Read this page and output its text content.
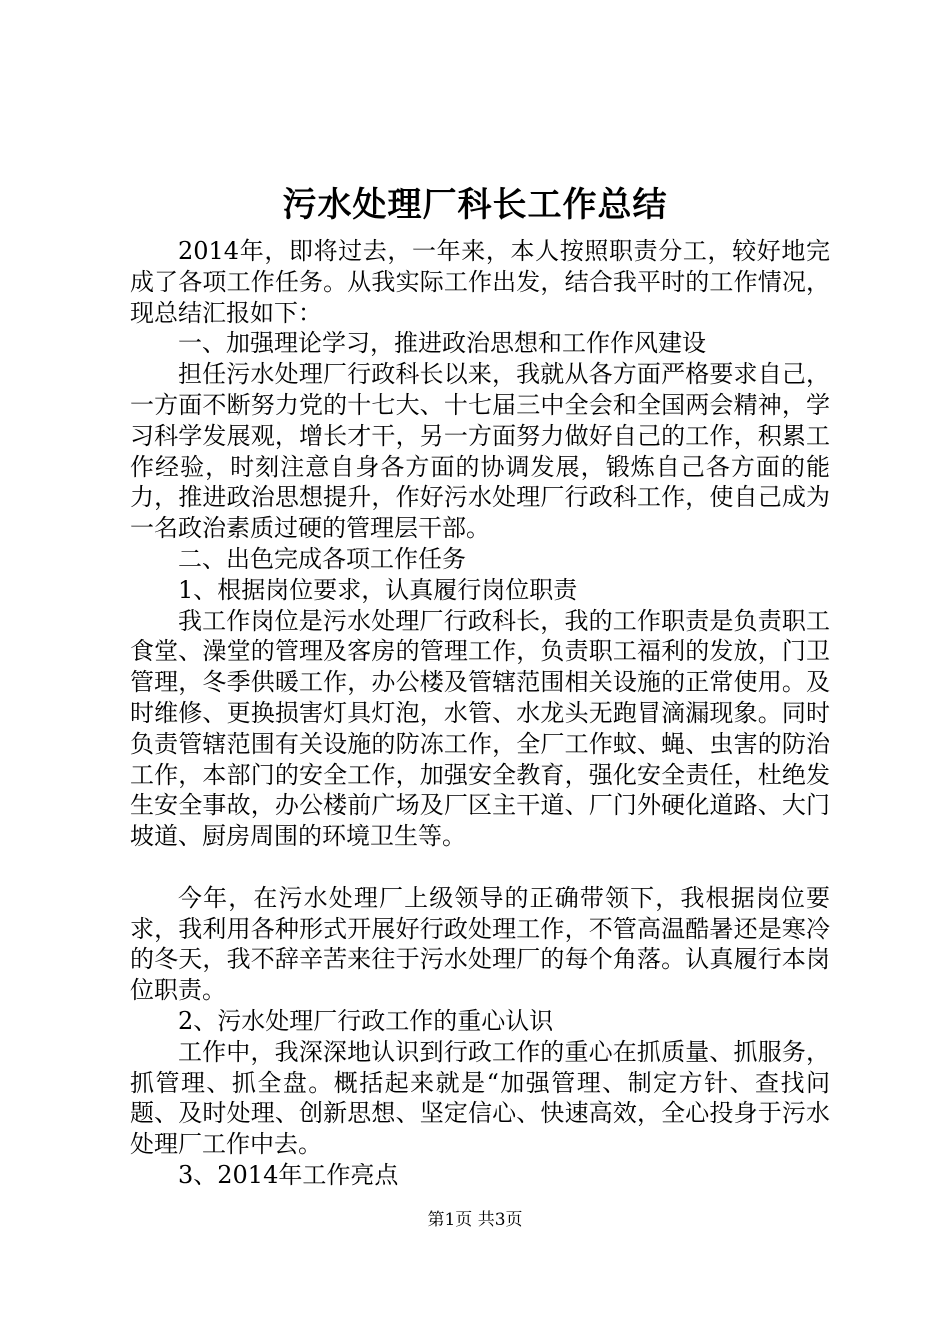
污水处理厂科长工作总结

2014年，即将过去，一年来，本人按照职责分工，较好地完成了各项工作任务。从我实际工作出发，结合我平时的工作情况，现总结汇报如下：

一、加强理论学习，推进政治思想和工作作风建设

担任污水处理厂行政科长以来，我就从各方面严格要求自己，一方面不断努力党的十七大、十七届三中全会和全国两会精神，学习科学发展观，增长才干，另一方面努力做好自己的工作，积累工作经验，时刻注意自身各方面的协调发展，锻炼自己各方面的能力，推进政治思想提升，作好污水处理厂行政科工作，使自己成为一名政治素质过硬的管理层干部。

二、出色完成各项工作任务

1、根据岗位要求，认真履行岗位职责

我工作岗位是污水处理厂行政科长，我的工作职责是负责职工食堂、澡堂的管理及客房的管理工作，负责职工福利的发放，门卫管理，冬季供暖工作，办公楼及管辖范围相关设施的正常使用。及时维修、更换损害灯具灯泡，水管、水龙头无跑冒滴漏现象。同时负责管辖范围有关设施的防冻工作，全厂工作蚊、蝇、虫害的防治工作，本部门的安全工作，加强安全教育，强化安全责任，杜绝发生安全事故，办公楼前广场及厂区主干道、厂门外硬化道路、大门坡道、厨房周围的环境卫生等。

今年，在污水处理厂上级领导的正确带领下，我根据岗位要求，我利用各种形式开展好行政处理工作，不管高温酷暑还是寒冷的冬天，我不辞辛苦来往于污水处理厂的每个角落。认真履行本岗位职责。

2、污水处理厂行政工作的重心认识

工作中，我深深地认识到行政工作的重心在抓质量、抓服务，抓管理、抓全盘。概括起来就是“加强管理、制定方针、查找问题、及时处理、创新思想、坚定信心、快速高效，全心投身于污水处理厂工作中去。

3、2014年工作亮点

第1页 共3页
